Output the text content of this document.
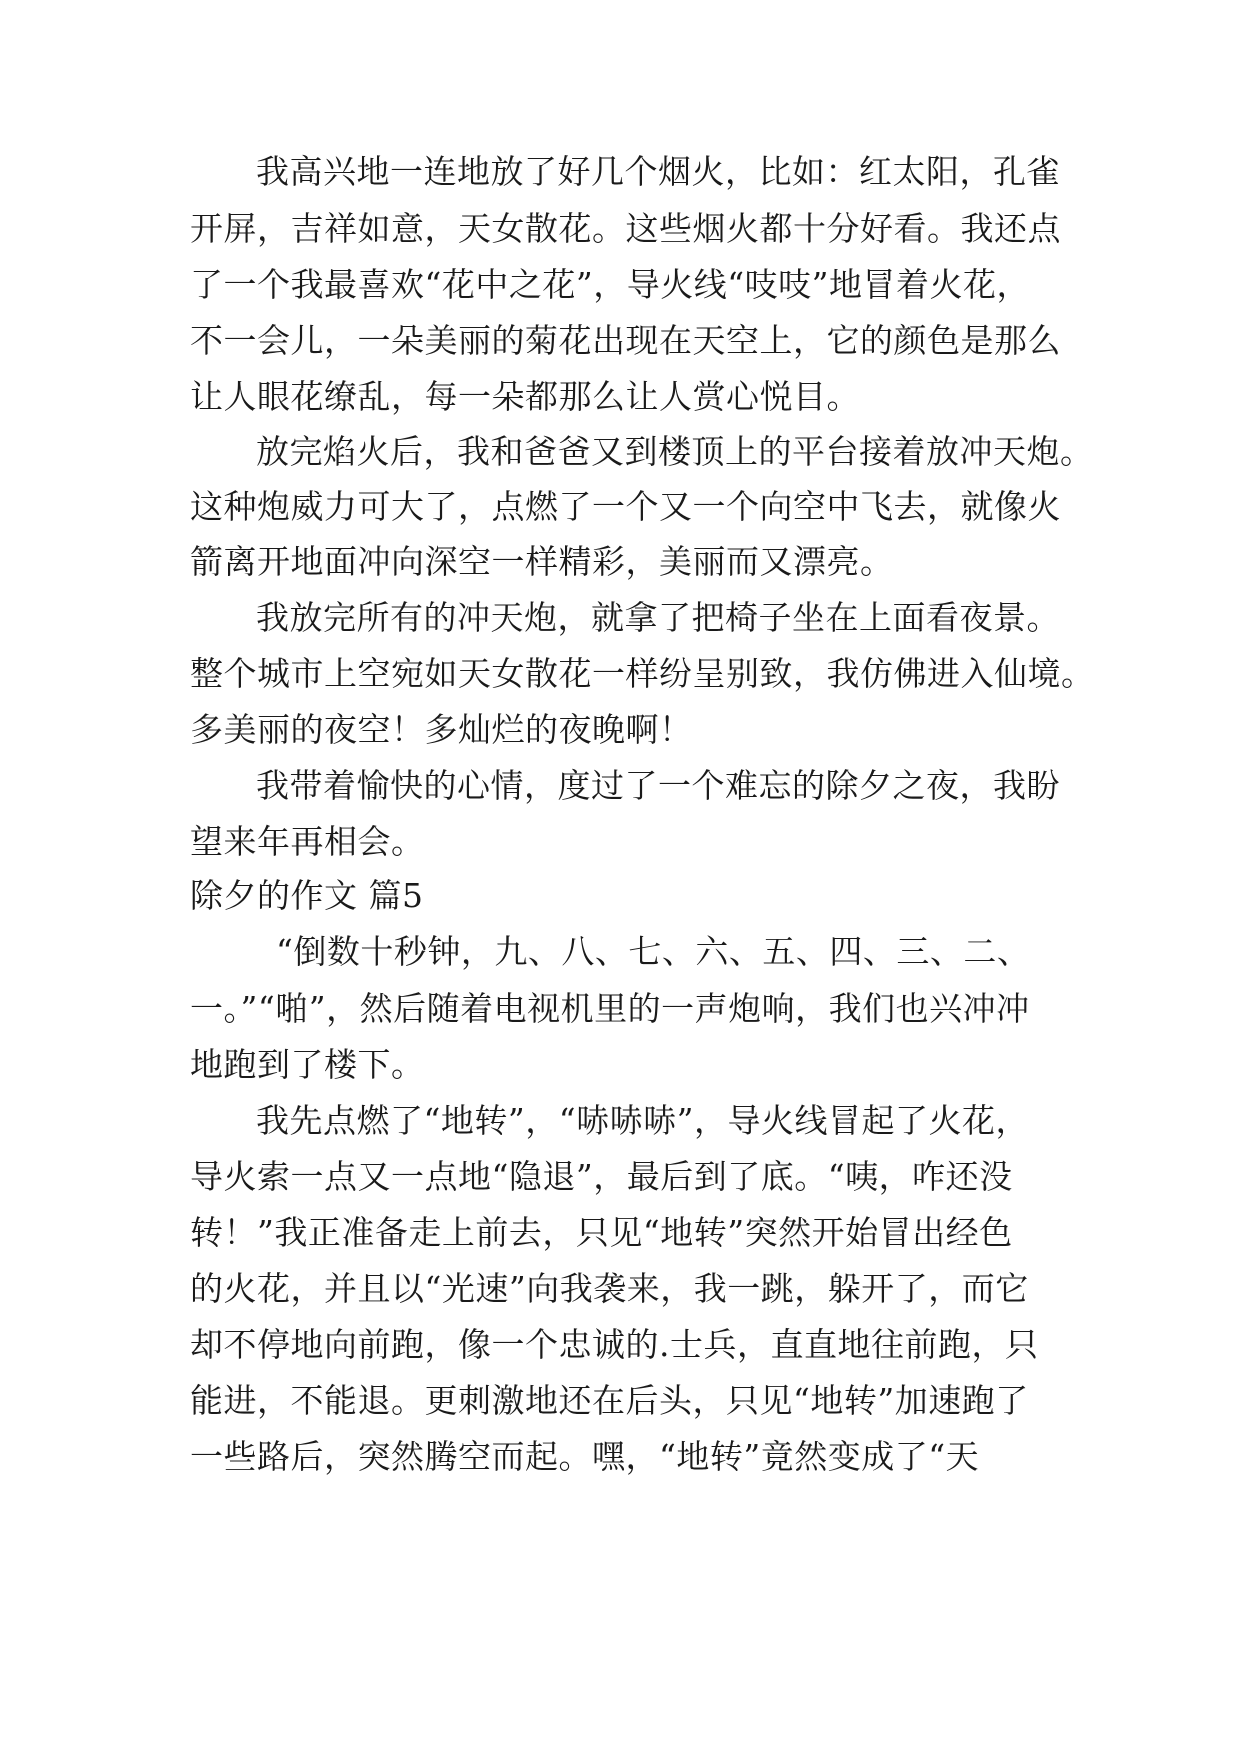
我高兴地一连地放了好几个烟火，比如：红太阳，孔雀
开屏，吉祥如意，天女散花。这些烟火都十分好看。我还点
了一个我最喜欢“花中之花”，导火线“吱吱”地冒着火花，
不一会儿，一朵美丽的菊花出现在天空上，它的颜色是那么
让人眼花缭乱，每一朵都那么让人赏心悦目。
放完焰火后，我和爸爸又到楼顶上的平台接着放冲天炮。
这种炮威力可大了，点燃了一个又一个向空中飞去，就像火
箭离开地面冲向深空一样精彩，美丽而又漂亮。
我放完所有的冲天炮，就拿了把椅子坐在上面看夜景。
整个城市上空宛如天女散花一样纷呈别致，我仿佛进入仙境。
多美丽的夜空！多灿烂的夜晚啊！
我带着愉快的心情，度过了一个难忘的除夕之夜，我盼
望来年再相会。
除夕的作文 篇5
“倒数十秒钟，九、八、七、六、五、四、三、二、
一。”“啪”，然后随着电视机里的一声炮响，我们也兴冲冲
地跑到了楼下。
我先点燃了“地转”，“哧哧哧”，导火线冒起了火花，
导火索一点又一点地“隐退”，最后到了底。“咦，咋还没
转！”我正准备走上前去，只见“地转”突然开始冒出经色
的火花，并且以“光速”向我袭来，我一跳，躲开了，而它
却不停地向前跑，像一个忠诚的.士兵，直直地往前跑，只
能进，不能退。更刺激地还在后头，只见“地转”加速跑了
一些路后，突然腾空而起。嘿，“地转”竟然变成了“天
